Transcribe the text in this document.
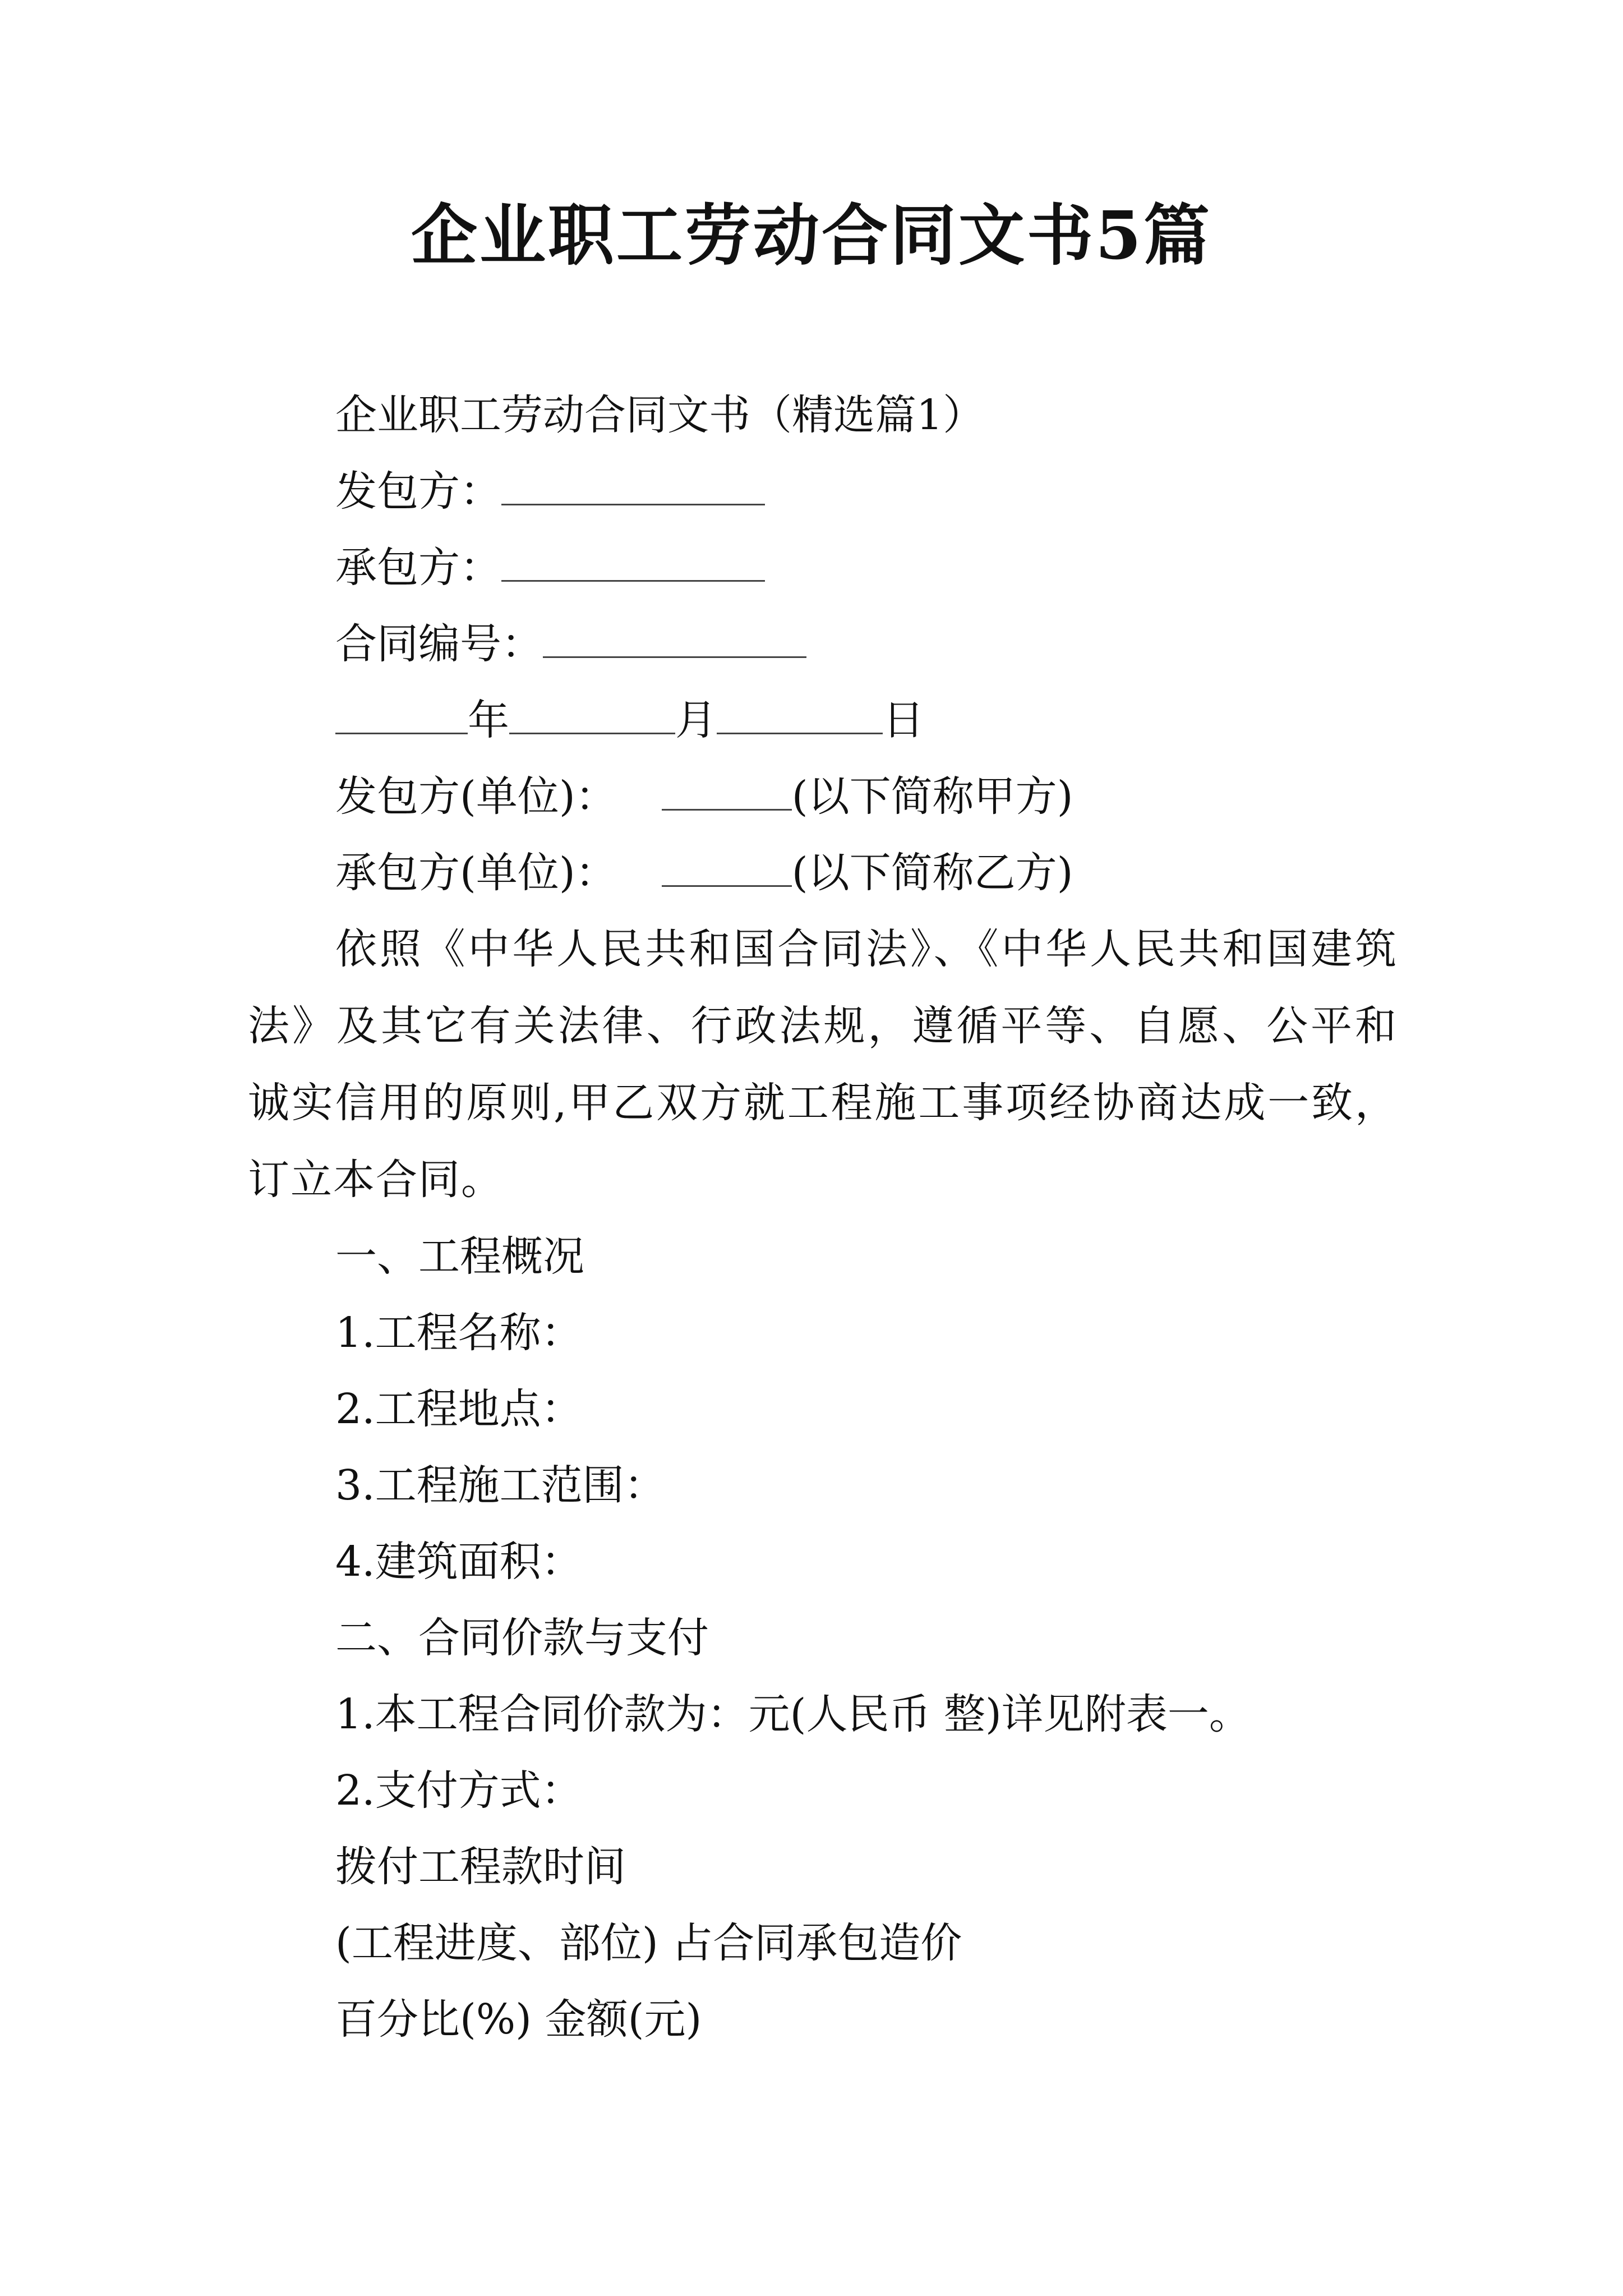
企业职工劳动合同文书5篇
企业职工劳动合同文书（精选篇1）
发包方：
承包方：
合同编号：
年	月	日
发包方(单位)：	(以下简称甲方)
承包方(单位)：	(以下简称乙方)
依照《中华人民共和国合同法》、《中华人民共和国建筑法》及其它有关法律、行政法规，遵循平等、自愿、公平和诚实信用的原则,甲乙双方就工程施工事项经协商达成一致，订立本合同。
一、工程概况
1.工程名称：
2.工程地点：
3.工程施工范围：
4.建筑面积：
二、合同价款与支付
1.本工程合同价款为：元(人民币 整)详见附表一。
2.支付方式：
拨付工程款时间
(工程进度、部位) 占合同承包造价
百分比(%) 金额(元)
